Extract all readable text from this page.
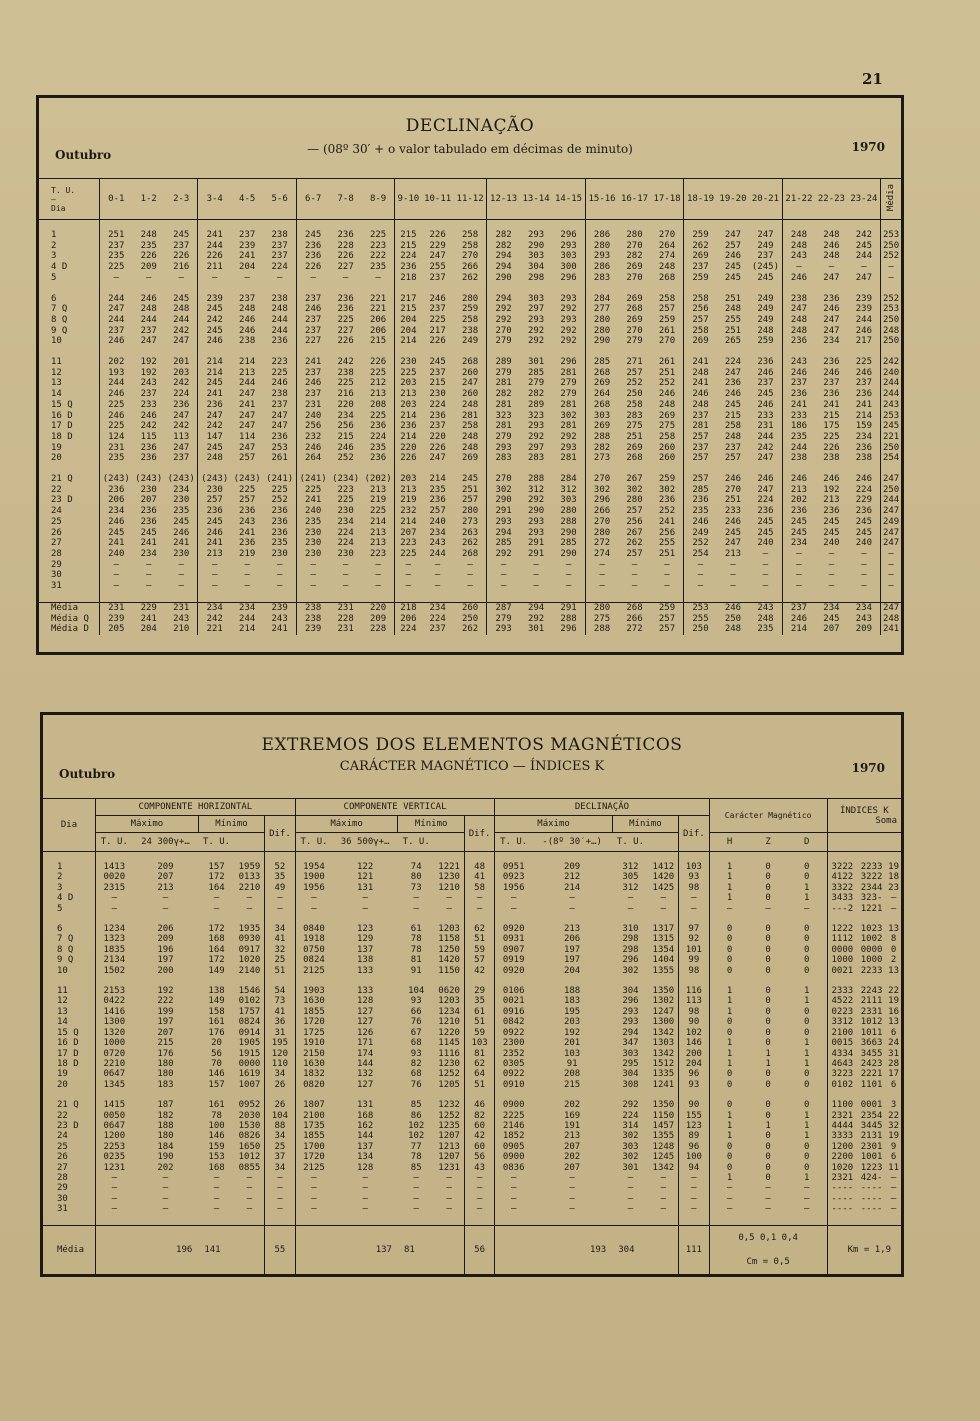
21
DECLINAÇÃO
Outubro	— (08º 30′ + o valor tabulado em décimas de minuto)	1970
T. U.
—
Dia	0-1	1-2	2-3	3-4	4-5	5-6	6-7	7-8	8-9	9-10	10-11	11-12	12-13	13-14	14-15	15-16	16-17	17-18	18-19	19-20	20-21	21-22	22-23	23-24	Média

1	251	248	245	241	237	238	245	236	225	215	226	258	282	293	296	286	280	270	259	247	247	248	248	242	253
2	237	235	237	244	239	237	236	228	223	215	229	258	282	290	293	280	270	264	262	257	249	248	246	245	250
3	235	226	226	226	241	237	236	226	222	224	247	270	294	303	303	293	282	274	269	246	237	243	248	244	252
4 D	225	209	216	211	204	224	226	227	235	236	255	266	294	304	300	286	269	248	237	245	(245)	—	—	—	—
5	—	—	—	—	—	—	—	—	—	218	237	262	290	298	296	283	270	268	259	245	245	246	247	247	—

6	244	246	245	239	237	238	237	236	221	217	246	280	294	303	293	284	269	258	258	251	249	238	236	239	252
7 Q	247	248	248	245	248	248	246	236	221	215	237	259	292	297	292	277	268	257	256	248	249	247	246	239	253
8 Q	244	244	244	242	246	244	237	225	206	204	225	258	292	293	293	280	269	259	257	255	249	248	247	244	250
9 Q	237	237	242	245	246	244	237	227	206	204	217	238	270	292	292	280	270	261	258	251	248	248	247	246	248
10	246	247	247	246	238	236	227	226	215	214	226	249	279	292	292	290	279	270	269	265	259	236	234	217	250

11	202	192	201	214	214	223	241	242	226	230	245	268	289	301	296	285	271	261	241	224	236	243	236	225	242
12	193	192	203	214	213	225	237	238	225	225	237	260	279	285	281	268	257	251	248	247	246	246	246	246	240
13	244	243	242	245	244	246	246	225	212	203	215	247	281	279	279	269	252	252	241	236	237	237	237	237	244
14	246	237	224	241	247	238	237	216	213	213	230	260	282	282	279	264	250	246	246	246	245	236	236	236	244
15 Q	225	233	236	236	241	237	231	220	208	203	224	248	281	289	281	268	258	248	248	245	246	241	241	241	243
16 D	246	246	247	247	247	247	240	234	225	214	236	281	323	323	302	303	283	269	237	215	233	233	215	214	253
17 D	225	242	242	242	247	247	256	256	236	236	237	258	281	293	281	269	275	275	281	258	231	186	175	159	245
18 D	124	115	113	147	114	236	232	215	224	214	220	248	279	292	292	288	251	258	257	248	244	235	225	234	221
19	231	236	247	245	247	253	246	246	235	220	226	248	293	297	293	282	269	260	237	237	242	244	226	236	250
20	235	236	237	248	257	261	264	252	236	226	247	269	283	283	281	273	268	260	257	257	247	238	238	238	254

21 Q	(243)	(243)	(243)	(243)	(243)	(241)	(241)	(234)	(202)	203	214	245	270	288	284	270	267	259	257	246	246	246	246	246	247
22	236	230	234	230	225	225	225	223	213	213	235	251	302	312	312	302	302	302	285	270	247	213	192	224	250
23 D	206	207	230	257	257	252	241	225	219	219	236	257	290	292	303	296	280	236	236	251	224	202	213	229	244
24	234	236	235	236	236	236	240	230	225	232	257	280	291	290	280	266	257	252	235	233	236	236	236	236	247
25	246	236	245	245	243	236	235	234	214	214	240	273	293	293	288	270	256	241	246	246	245	245	245	245	249
26	245	245	246	246	241	236	230	224	213	207	234	263	294	293	290	280	267	256	249	245	245	245	245	245	247
27	241	241	241	241	236	235	230	224	213	223	243	262	285	291	285	272	262	255	252	247	240	234	240	240	247
28	240	234	230	213	219	230	230	230	223	225	244	268	292	291	290	274	257	251	254	213	—	—	—	—	—
29	—	—	—	—	—	—	—	—	—	—	—	—	—	—	—	—	—	—	—	—	—	—	—	—	—
30	—	—	—	—	—	—	—	—	—	—	—	—	—	—	—	—	—	—	—	—	—	—	—	—	—
31	—	—	—	—	—	—	—	—	—	—	—	—	—	—	—	—	—	—	—	—	—	—	—	—	—

Média	231	229	231	234	234	239	238	231	220	218	234	260	287	294	291	280	268	259	253	246	243	237	234	234	247
Média Q	239	241	243	242	244	243	238	228	209	206	224	250	279	292	288	275	266	257	255	250	248	246	245	243	248
Média D	205	204	210	221	214	241	239	231	228	224	237	262	293	301	296	288	272	257	250	248	235	214	207	209	241
EXTREMOS DOS ELEMENTOS MAGNÉTICOS
CARÁCTER MAGNÉTICO — ÍNDICES K
Outubro	1970
Dia	COMPONENTE HORIZONTAL					COMPONENTE VERTICAL					DECLINAÇÃO					Carácter Magnético			ÍNDICES K
Soma		

	Máximo		Mínimo		Dif.	Máximo		Mínimo		Dif.	Máximo		Mínimo		Dif.						
	T. U.	24 300γ+…	T. U.			T. U.	36 500γ+…	T. U.			T. U.	-(8º 30′+…)	T. U.			H	Z	D			

1	1413	209	157	1959	52	1954	122	74	1221	48	0951	209	312	1412	103	1	0	0	3222	2233	19
2	0020	207	172	0133	35	1900	121	80	1230	41	0923	212	305	1420	93	1	0	0	4122	3222	18
3	2315	213	164	2210	49	1956	131	73	1210	58	1956	214	312	1425	98	1	0	1	3322	2344	23
4 D	—	—	—	—	—	—	—	—	—	—	—	—	—	—	—	1	0	1	3433	323-	—
5	—	—	—	—	—	—	—	—	—	—	—	—	—	—	—	—	—	—	---2	1221	—

6	1234	206	172	1935	34	0840	123	61	1203	62	0920	213	310	1317	97	0	0	0	1222	1023	13
7 Q	1323	209	168	0930	41	1918	129	78	1158	51	0931	206	298	1315	92	0	0	0	1112	1002	8
8 Q	1835	196	164	0917	32	0750	137	78	1250	59	0907	197	298	1354	101	0	0	0	0000	0000	0
9 Q	2134	197	172	1020	25	0824	138	81	1420	57	0919	197	296	1404	99	0	0	0	1000	1000	2
10	1502	200	149	2140	51	2125	133	91	1150	42	0920	204	302	1355	98	0	0	0	0021	2233	13

11	2153	192	138	1546	54	1903	133	104	0620	29	0106	188	304	1350	116	1	0	1	2333	2243	22
12	0422	222	149	0102	73	1630	128	93	1203	35	0021	183	296	1302	113	1	0	1	4522	2111	19
13	1416	199	158	1757	41	1855	127	66	1234	61	0916	195	293	1247	98	1	0	0	0223	2331	16
14	1300	197	161	0824	36	1720	127	76	1210	51	0842	203	293	1300	90	0	0	0	3312	1012	13
15 Q	1320	207	176	0914	31	1725	126	67	1220	59	0922	192	294	1342	102	0	0	0	2100	1011	6
16 D	1000	215	20	1905	195	1910	171	68	1145	103	2300	201	347	1303	146	1	0	1	0015	3663	24
17 D	0720	176	56	1915	120	2150	174	93	1116	81	2352	103	303	1342	200	1	1	1	4334	3455	31
18 D	2210	180	70	0000	110	1630	144	82	1230	62	0305	91	295	1512	204	1	1	1	4643	2423	28
19	0647	180	146	1619	34	1832	132	68	1252	64	0922	208	304	1335	96	0	0	0	3223	2221	17
20	1345	183	157	1007	26	0820	127	76	1205	51	0910	215	308	1241	93	0	0	0	0102	1101	6

21 Q	1415	187	161	0952	26	1807	131	85	1232	46	0900	202	292	1350	90	0	0	0	1100	0001	3
22	0050	182	78	2030	104	2100	168	86	1252	82	2225	169	224	1150	155	1	0	1	2321	2354	22
23 D	0647	188	100	1530	88	1735	162	102	1235	60	2146	191	314	1457	123	1	1	1	4444	3445	32
24	1200	180	146	0826	34	1855	144	102	1207	42	1852	213	302	1355	89	1	0	1	3333	2131	19
25	2253	184	159	1650	25	1700	137	77	1213	60	0905	207	303	1248	96	0	0	0	1200	2301	9
26	0235	190	153	1012	37	1720	134	78	1207	56	0900	202	302	1245	100	0	0	0	2200	1001	6
27	1231	202	168	0855	34	2125	128	85	1231	43	0836	207	301	1342	94	0	0	0	1020	1223	11
28	—	—	—	—	—	—	—	—	—	—	—	—	—	—	—	1	0	1	2321	424-	—
29	—	—	—	—	—	—	—	—	—	—	—	—	—	—	—	—	—	—	----	----	—
30	—	—	—	—	—	—	—	—	—	—	—	—	—	—	—	—	—	—	----	----	—
31	—	—	—	—	—	—	—	—	—	—	—	—	—	—	—	—	—	—	----	----	—

Média	196		141		55	137		81		56	193		304		111	0,5 0,1 0,4
Cm = 0,5			Km = 1,9		
